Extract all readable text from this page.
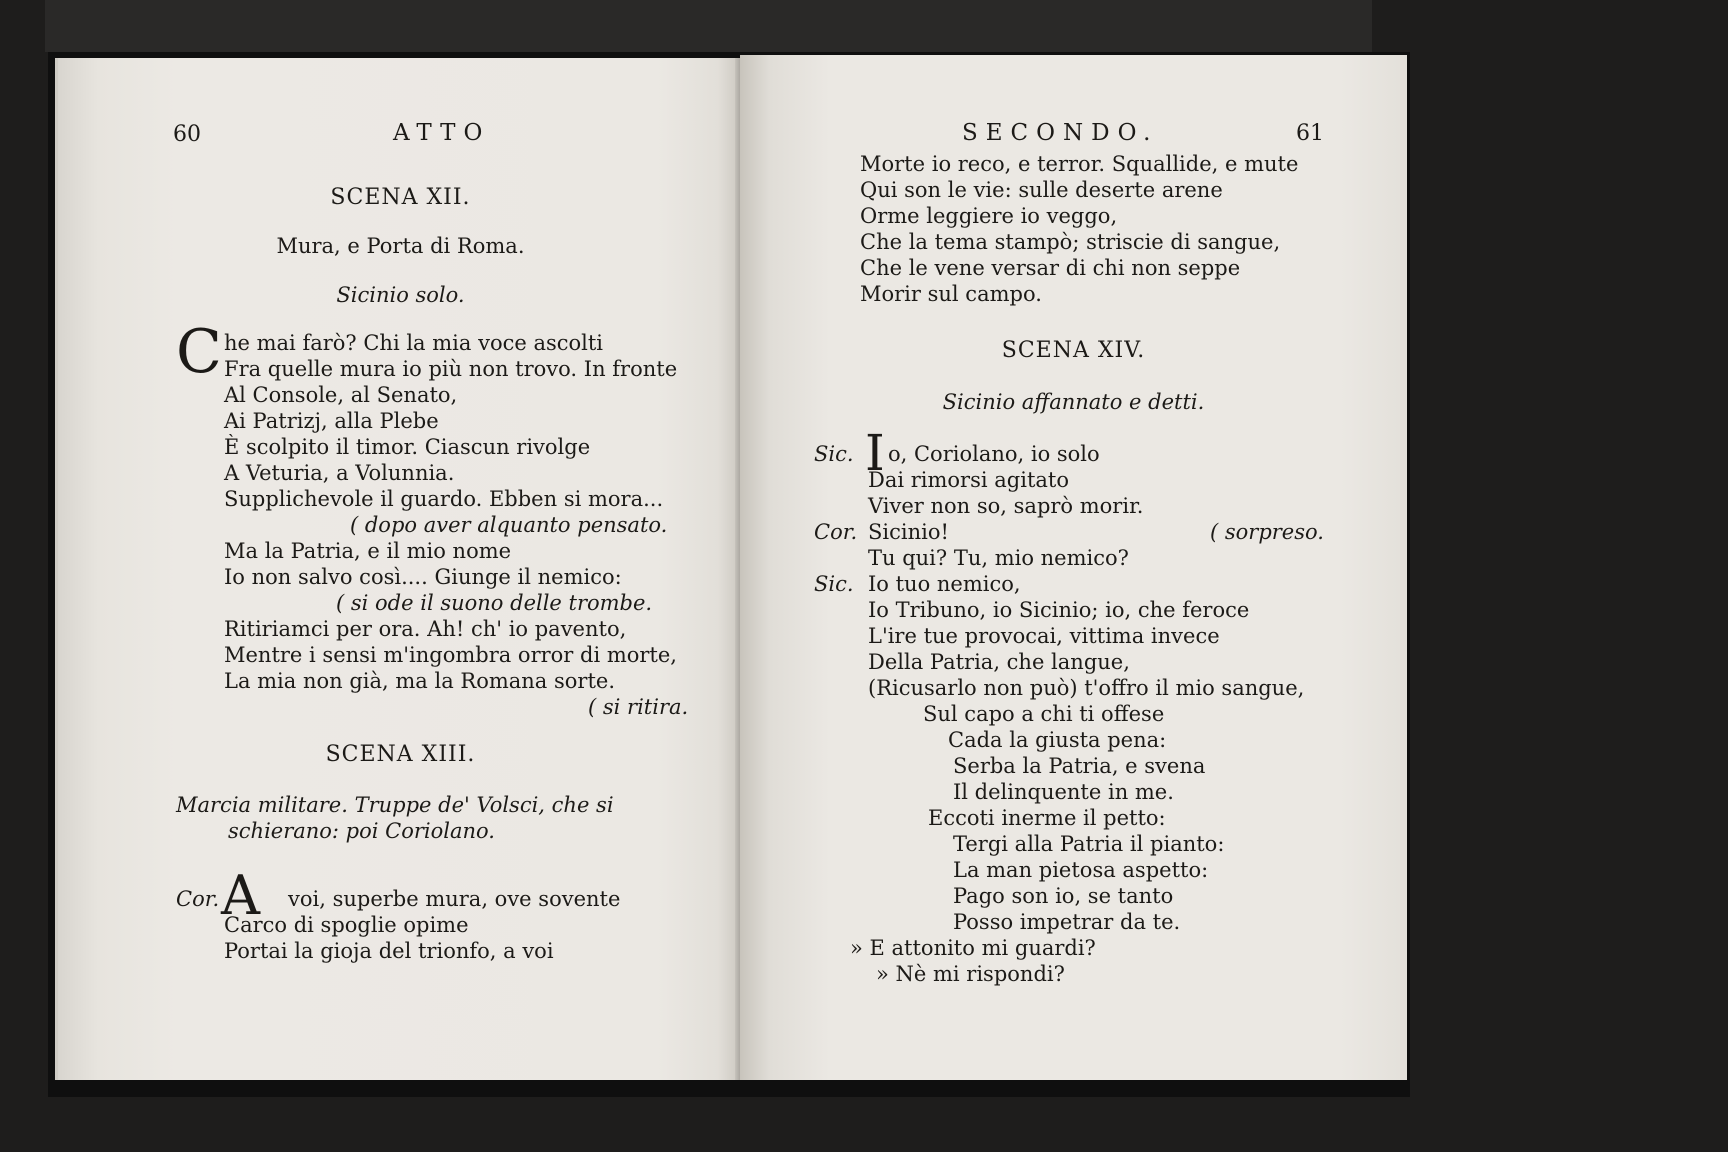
60	ATTO
SCENA XII.
Mura, e Porta di Roma.
Sicinio solo.
C he mai farò? Chi la mia voce ascolti
Fra quelle mura io più non trovo. In fronte
Al Console, al Senato,
Ai Patrizj, alla Plebe
È scolpito il timor. Ciascun rivolge
A Veturia, a Volunnia.
Supplichevole il guardo. Ebben si mora...
( dopo aver alquanto pensato.
Ma la Patria, e il mio nome
Io non salvo così.... Giunge il nemico:
( si ode il suono delle trombe.
Ritiriamci per ora. Ah! ch' io pavento,
Mentre i sensi m'ingombra orror di morte,
La mia non già, ma la Romana sorte.
( si ritira.
SCENA XIII.
Marcia militare. Truppe de' Volsci, che si
schierano: poi Coriolano.
Cor. A voi, superbe mura, ove sovente
Carco di spoglie opime
Portai la gioja del trionfo, a voi
SECONDO.	61
Morte io reco, e terror. Squallide, e mute
Qui son le vie: sulle deserte arene
Orme leggiere io veggo,
Che la tema stampò; striscie di sangue,
Che le vene versar di chi non seppe
Morir sul campo.
SCENA XIV.
Sicinio affannato e detti.
Sic. I o, Coriolano, io solo
Dai rimorsi agitato
Viver non so, saprò morir.
Cor. Sicinio!	( sorpreso.
Tu qui? Tu, mio nemico?
Sic. Io tuo nemico,
Io Tribuno, io Sicinio; io, che feroce
L'ire tue provocai, vittima invece
Della Patria, che langue,
(Ricusarlo non può) t'offro il mio sangue,
Sul capo a chi ti offese
Cada la giusta pena:
Serba la Patria, e svena
Il delinquente in me.
Eccoti inerme il petto:
Tergi alla Patria il pianto:
La man pietosa aspetto:
Pago son io, se tanto
Posso impetrar da te.
» E attonito mi guardi?
» Nè mi rispondi?
